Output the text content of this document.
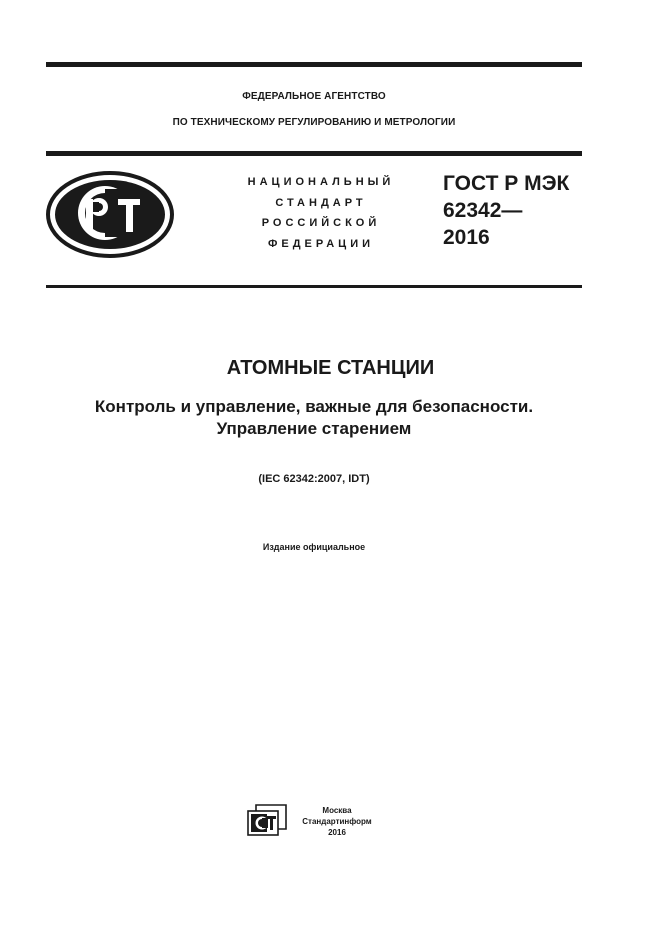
ФЕДЕРАЛЬНОЕ АГЕНТСТВО
ПО ТЕХНИЧЕСКОМУ РЕГУЛИРОВАНИЮ И МЕТРОЛОГИИ
НАЦИОНАЛЬНЫЙ
СТАНДАРТ
РОССИЙСКОЙ
ФЕДЕРАЦИИ
ГОСТ Р МЭК
62342—
2016
АТОМНЫЕ СТАНЦИИ
Контроль и управление, важные для безопасности.
Управление старением
(IEC 62342:2007, IDT)
Издание официальное
Москва
Стандартинформ
2016
